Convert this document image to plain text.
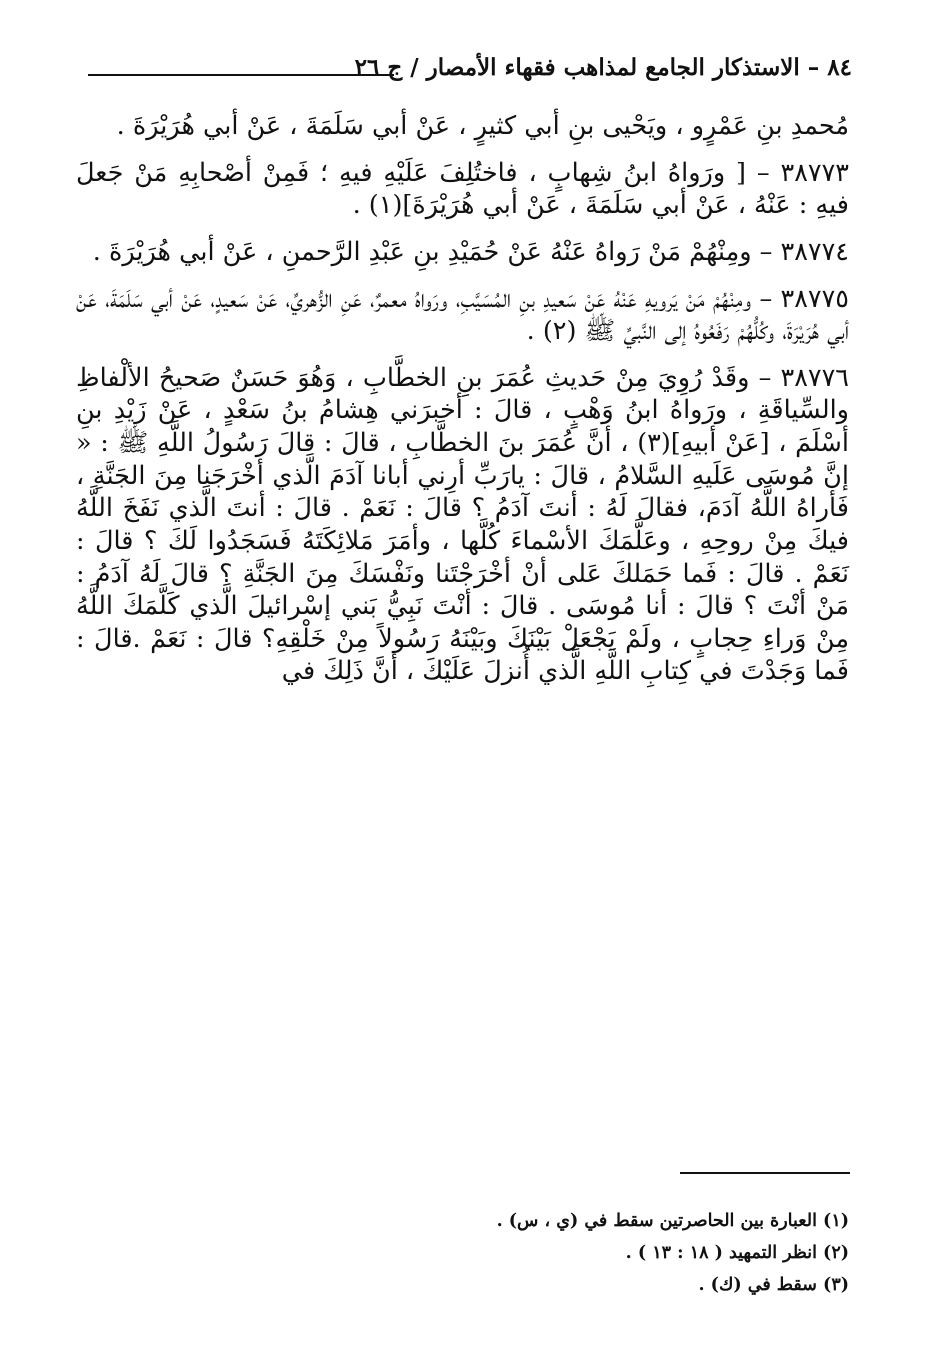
٨٤ – الاستذكار الجامع لمذاهب فقهاء الأمصار / ج ٢٦

مُحمدِ بنِ عَمْرٍو ، ويَحْيى بنِ أبي كثيرٍ ، عَنْ أبي سَلَمَةَ ، عَنْ أبي هُرَيْرَةَ .

٣٨٧٧٣ – [ ورَواهُ ابنُ شِهابٍ ، فاختُلِفَ عَلَيْهِ فيهِ ؛ فَمِنْ أصْحابِهِ مَنْ جَعلَ فيهِ : عَنْهُ ، عَنْ أبي سَلَمَةَ ، عَنْ أبي هُرَيْرَةَ](١) .

٣٨٧٧٤ – ومِنْهُمْ مَنْ رَواهُ عَنْهُ عَنْ حُمَيْدِ بنِ عَبْدِ الرَّحمنِ ، عَنْ أبي هُرَيْرَةَ .

٣٨٧٧٥ – ومِنْهُمْ مَنْ يَرويهِ عَنْهُ عَنْ سَعيدِ بنِ المُسَيَّبِ، ورَواهُ معمرٌ، عَنِ الزُّهريِّ، عَنْ سَعيدٍ، عَنْ أبي سَلَمَةَ، عَنْ أبي هُرَيْرَةَ، وكُلُّهُمْ رَفَعُوهُ إلى النَّبيِّ ﷺ (٢) .

٣٨٧٧٦ – وقَدْ رُوِيَ مِنْ حَديثِ عُمَرَ بنِ الخطَّابِ ، وَهُوَ حَسَنٌ صَحيحُ الألْفاظِ والسِّياقَةِ ، ورَواهُ ابنُ وَهْبٍ ، قالَ : أخبرَني هِشامُ بنُ سَعْدٍ ، عَنْ زَيْدِ بنِ أسْلَمَ ، [عَنْ أبيهِ](٣) ، أنَّ عُمَرَ بنَ الخطَّابِ ، قالَ : قالَ رَسُولُ اللَّهِ ﷺ : « إنَّ مُوسَى عَلَيهِ السَّلامُ ، قالَ : يارَبِّ أرِني أبانا آدَمَ الَّذي أخْرَجَنا مِنَ الجَنَّةِ ، فَأراهُ اللَّهُ آدَمَ، فقالَ لَهُ : أنتَ آدَمُ ؟ قالَ : نَعَمْ . قالَ : أنتَ الَّذي نَفَخَ اللَّهُ فيكَ مِنْ روحِهِ ، وعَلَّمَكَ الأسْماءَ كُلَّها ، وأمَرَ مَلائِكَتَهُ فَسَجَدُوا لَكَ ؟ قالَ : نَعَمْ . قالَ : فَما حَمَلكَ عَلى أنْ أخْرَجْتَنا ونَفْسَكَ مِنَ الجَنَّةِ ؟ قالَ لَهُ آدَمُ : مَنْ أنْتَ ؟ قالَ : أنا مُوسَى . قالَ : أنْتَ نَبِيُّ بَني إسْرائيلَ الَّذي كَلَّمَكَ اللَّهُ مِنْ وَراءِ حِجابٍ ، ولَمْ يَجْعَلْ بَيْنَكَ وبَيْنَهُ رَسُولاً مِنْ خَلْقِهِ؟ قالَ : نَعَمْ .قالَ : فَما وَجَدْتَ في كِتابِ اللَّهِ الَّذي أُنزلَ عَلَيْكَ ، أنَّ ذَلِكَ في

(١) العبارة بين الحاصرتين سقط في (ي ، س) .
(٢) انظر التمهيد ( ١٨ : ١٣ ) .
(٣) سقط في (ك) .
